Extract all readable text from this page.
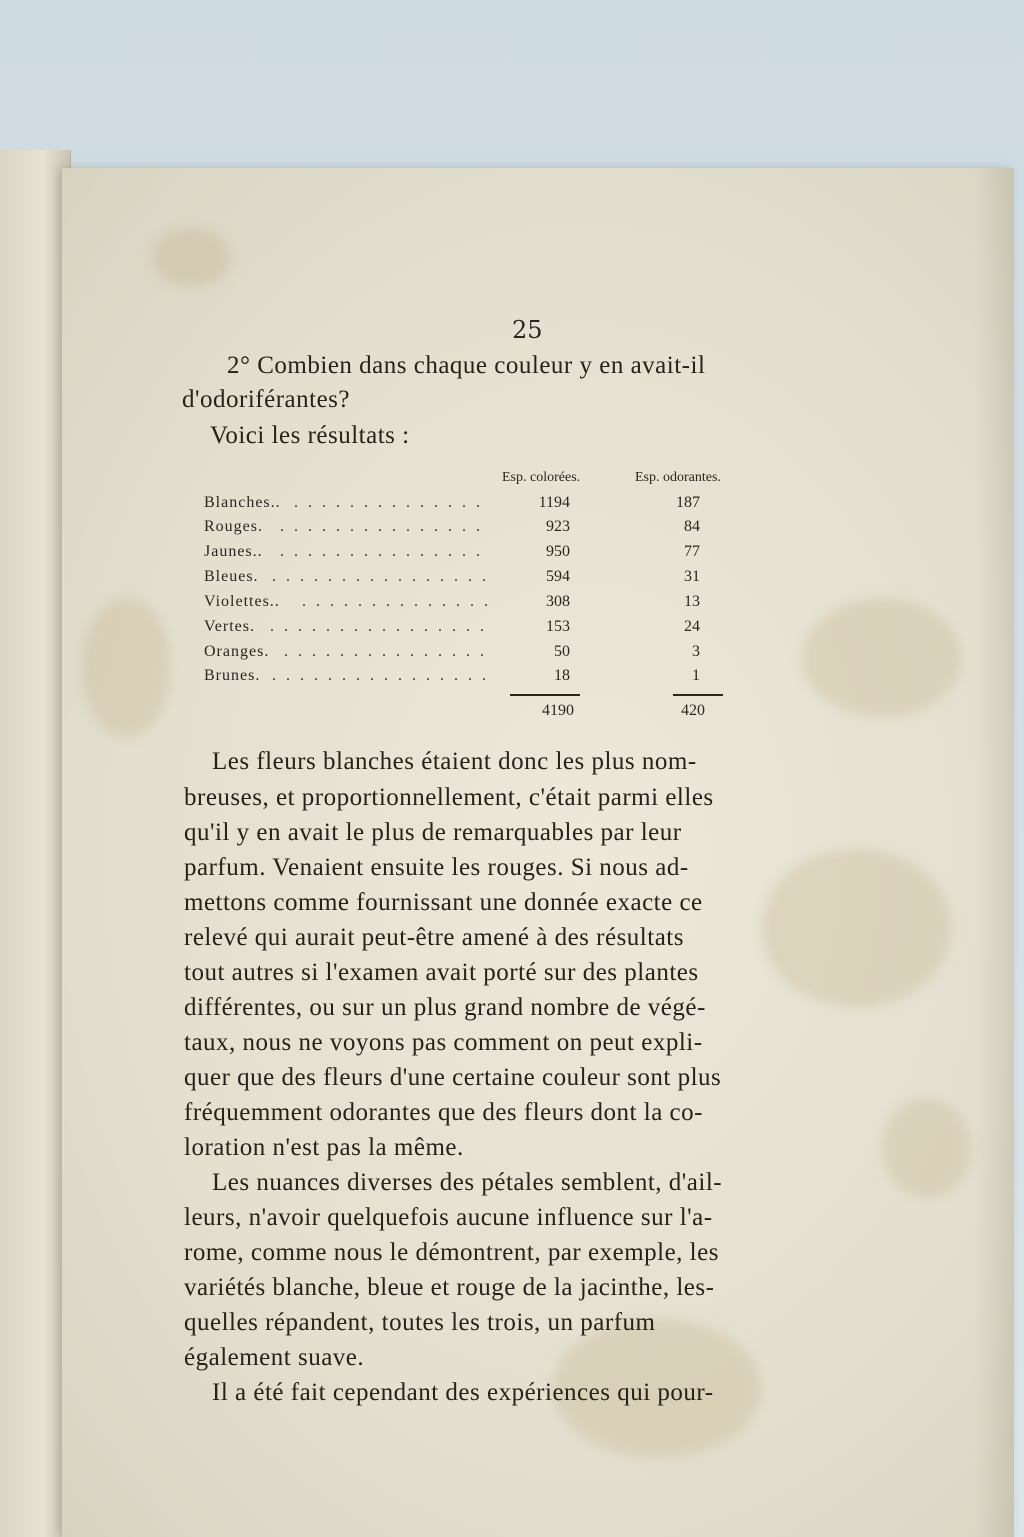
25
2° Combien dans chaque couleur y en avait-il
d'odoriférantes?
Voici les résultats :
Esp. colorées.	Esp. odorantes.
Blanches.. . . . . . . . . . . . . . .	1194	187
Rouges. . . . . . . . . . . . . . . .	923	84
Jaunes.. . . . . . . . . . . . . . . .	950	77
Bleues. . . . . . . . . . . . . . . . .	594	31
Violettes.. . . . . . . . . . . . . . .	308	13
Vertes. . . . . . . . . . . . . . . . .	153	24
Oranges. . . . . . . . . . . . . . . .	50	3
Brunes. . . . . . . . . . . . . . . . .	18	1
4190	420
Les fleurs blanches étaient donc les plus nom-
breuses, et proportionnellement, c'était parmi elles
qu'il y en avait le plus de remarquables par leur
parfum. Venaient ensuite les rouges. Si nous ad-
mettons comme fournissant une donnée exacte ce
relevé qui aurait peut-être amené à des résultats
tout autres si l'examen avait porté sur des plantes
différentes, ou sur un plus grand nombre de végé-
taux, nous ne voyons pas comment on peut expli-
quer que des fleurs d'une certaine couleur sont plus
fréquemment odorantes que des fleurs dont la co-
loration n'est pas la même.
Les nuances diverses des pétales semblent, d'ail-
leurs, n'avoir quelquefois aucune influence sur l'a-
rome, comme nous le démontrent, par exemple, les
variétés blanche, bleue et rouge de la jacinthe, les-
quelles répandent, toutes les trois, un parfum
également suave.
Il a été fait cependant des expériences qui pour-
